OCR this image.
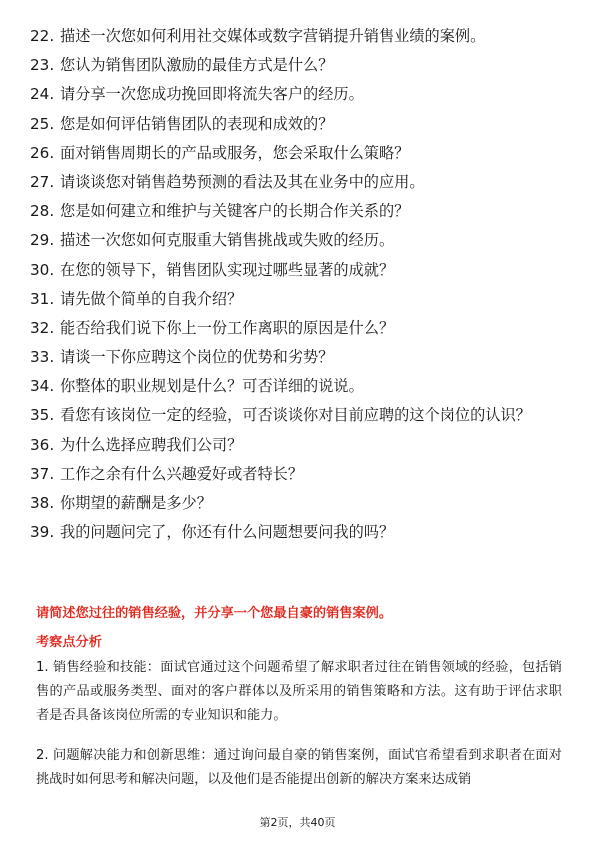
22. 描述一次您如何利用社交媒体或数字营销提升销售业绩的案例。
23. 您认为销售团队激励的最佳方式是什么？
24. 请分享一次您成功挽回即将流失客户的经历。
25. 您是如何评估销售团队的表现和成效的？
26. 面对销售周期长的产品或服务，您会采取什么策略？
27. 请谈谈您对销售趋势预测的看法及其在业务中的应用。
28. 您是如何建立和维护与关键客户的长期合作关系的？
29. 描述一次您如何克服重大销售挑战或失败的经历。
30. 在您的领导下，销售团队实现过哪些显著的成就？
31. 请先做个简单的自我介绍？
32. 能否给我们说下你上一份工作离职的原因是什么？
33. 请谈一下你应聘这个岗位的优势和劣势？
34. 你整体的职业规划是什么？可否详细的说说。
35. 看您有该岗位一定的经验，可否谈谈你对目前应聘的这个岗位的认识？
36. 为什么选择应聘我们公司？
37. 工作之余有什么兴趣爱好或者特长？
38. 你期望的薪酬是多少？
39. 我的问题问完了，你还有什么问题想要问我的吗？
请简述您过往的销售经验，并分享一个您最自豪的销售案例。
考察点分析
1. 销售经验和技能：面试官通过这个问题希望了解求职者过往在销售领域的经验，包括销售的产品或服务类型、面对的客户群体以及所采用的销售策略和方法。这有助于评估求职者是否具备该岗位所需的专业知识和能力。
2. 问题解决能力和创新思维：通过询问最自豪的销售案例，面试官希望看到求职者在面对挑战时如何思考和解决问题，以及他们是否能提出创新的解决方案来达成销
第2页，共40页
